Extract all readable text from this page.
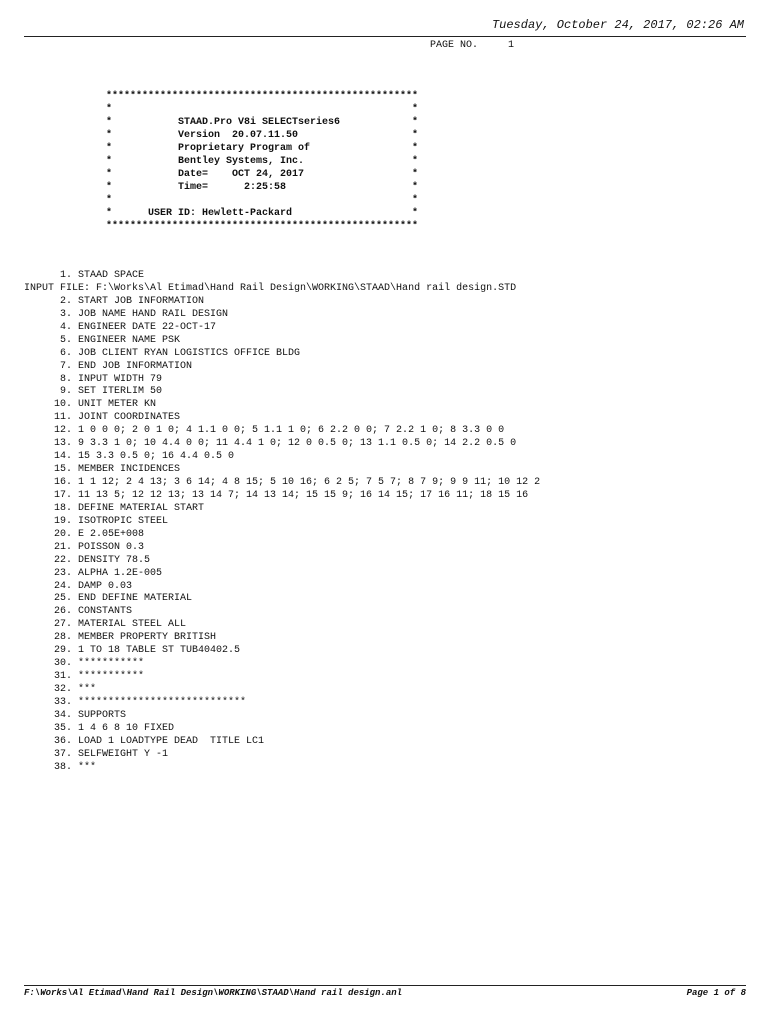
Tuesday, October 24, 2017, 02:26 AM
PAGE NO.     1
****************************************************
*                                                  *
*           STAAD.Pro V8i SELECTseries6            *
*           Version  20.07.11.50                   *
*           Proprietary Program of                 *
*           Bentley Systems, Inc.                  *
*           Date=    OCT 24, 2017                  *
*           Time=      2:25:58                     *
*                                                  *
*      USER ID: Hewlett-Packard                    *
****************************************************
1. STAAD SPACE
INPUT FILE: F:\Works\Al Etimad\Hand Rail Design\WORKING\STAAD\Hand rail design.STD
2. START JOB INFORMATION
3. JOB NAME HAND RAIL DESIGN
4. ENGINEER DATE 22-OCT-17
5. ENGINEER NAME PSK
6. JOB CLIENT RYAN LOGISTICS OFFICE BLDG
7. END JOB INFORMATION
8. INPUT WIDTH 79
9. SET ITERLIM 50
10. UNIT METER KN
11. JOINT COORDINATES
12. 1 0 0 0; 2 0 1 0; 4 1.1 0 0; 5 1.1 1 0; 6 2.2 0 0; 7 2.2 1 0; 8 3.3 0 0
13. 9 3.3 1 0; 10 4.4 0 0; 11 4.4 1 0; 12 0 0.5 0; 13 1.1 0.5 0; 14 2.2 0.5 0
14. 15 3.3 0.5 0; 16 4.4 0.5 0
15. MEMBER INCIDENCES
16. 1 1 12; 2 4 13; 3 6 14; 4 8 15; 5 10 16; 6 2 5; 7 5 7; 8 7 9; 9 9 11; 10 12 2
17. 11 13 5; 12 12 13; 13 14 7; 14 13 14; 15 15 9; 16 14 15; 17 16 11; 18 15 16
18. DEFINE MATERIAL START
19. ISOTROPIC STEEL
20. E 2.05E+008
21. POISSON 0.3
22. DENSITY 78.5
23. ALPHA 1.2E-005
24. DAMP 0.03
25. END DEFINE MATERIAL
26. CONSTANTS
27. MATERIAL STEEL ALL
28. MEMBER PROPERTY BRITISH
29. 1 TO 18 TABLE ST TUB40402.5
30. ***********
31. ***********
32. ***
33. ****************************
34. SUPPORTS
35. 1 4 6 8 10 FIXED
36. LOAD 1 LOADTYPE DEAD  TITLE LC1
37. SELFWEIGHT Y -1
38. ***
F:\Works\Al Etimad\Hand Rail Design\WORKING\STAAD\Hand rail design.anl	Page 1 of 8
